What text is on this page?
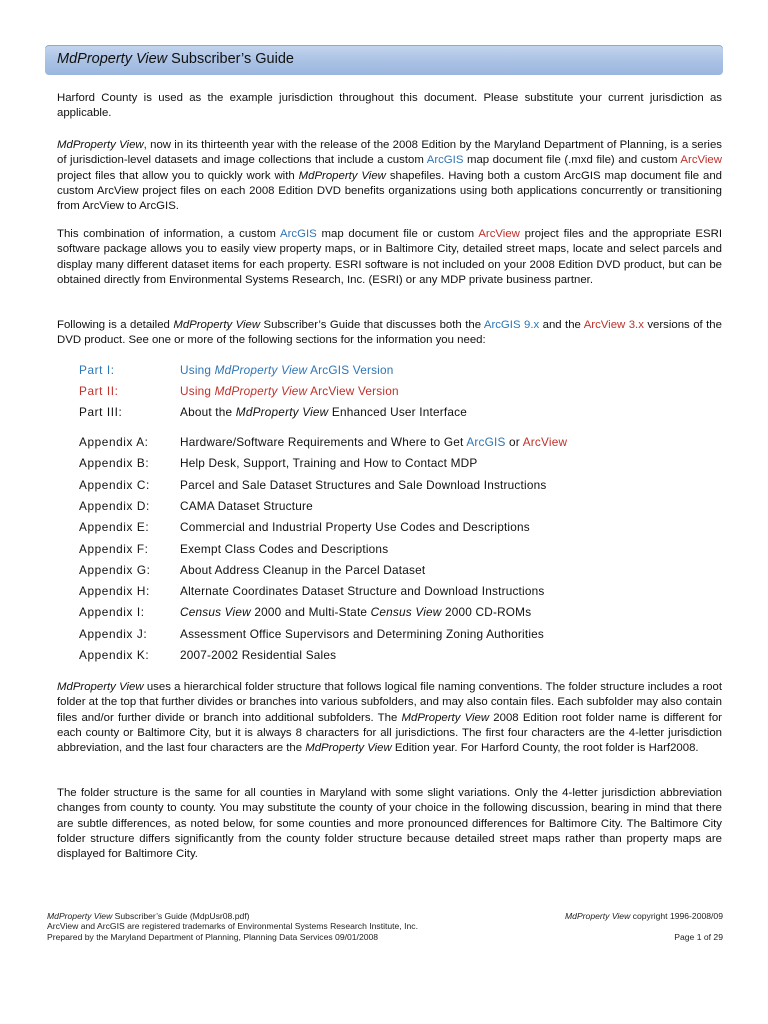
MdProperty View Subscriber’s Guide

Harford County is used as the example jurisdiction throughout this document. Please substitute your current jurisdiction as applicable.

MdProperty View, now in its thirteenth year with the release of the 2008 Edition by the Maryland Department of Planning, is a series of jurisdiction-level datasets and image collections that include a custom ArcGIS map document file (.mxd file) and custom ArcView project files that allow you to quickly work with MdProperty View shapefiles. Having both a custom ArcGIS map document file and custom ArcView project files on each 2008 Edition DVD benefits organizations using both applications concurrently or transitioning from ArcView to ArcGIS.

This combination of information, a custom ArcGIS map document file or custom ArcView project files and the appropriate ESRI software package allows you to easily view property maps, or in Baltimore City, detailed street maps, locate and select parcels and display many different dataset items for each property. ESRI software is not included on your 2008 Edition DVD product, but can be obtained directly from Environmental Systems Research, Inc. (ESRI) or any MDP private business partner.

Following is a detailed MdProperty View Subscriber’s Guide that discusses both the ArcGIS 9.x and the ArcView 3.x versions of the DVD product. See one or more of the following sections for the information you need:

Part I:	Using MdProperty View ArcGIS Version
Part II:	Using MdProperty View ArcView Version
Part III:	About the MdProperty View Enhanced User Interface
Appendix A:	Hardware/Software Requirements and Where to Get ArcGIS or ArcView
Appendix B:	Help Desk, Support, Training and How to Contact MDP
Appendix C:	Parcel and Sale Dataset Structures and Sale Download Instructions
Appendix D:	CAMA Dataset Structure
Appendix E:	Commercial and Industrial Property Use Codes and Descriptions
Appendix F:	Exempt Class Codes and Descriptions
Appendix G: About Address Cleanup in the Parcel Dataset
Appendix H:	Alternate Coordinates Dataset Structure and Download Instructions
Appendix I:	Census View 2000 and Multi-State Census View 2000 CD-ROMs
Appendix J:	Assessment Office Supervisors and Determining Zoning Authorities
Appendix K:	2007-2002 Residential Sales

MdProperty View uses a hierarchical folder structure that follows logical file naming conventions. The folder structure includes a root folder at the top that further divides or branches into various subfolders, and may also contain files. Each subfolder may also contain files and/or further divide or branch into additional subfolders. The MdProperty View 2008 Edition root folder name is different for each county or Baltimore City, but it is always 8 characters for all jurisdictions. The first four characters are the 4-letter jurisdiction abbreviation, and the last four characters are the MdProperty View Edition year. For Harford County, the root folder is Harf2008.

The folder structure is the same for all counties in Maryland with some slight variations. Only the 4-letter jurisdiction abbreviation changes from county to county. You may substitute the county of your choice in the following discussion, bearing in mind that there are subtle differences, as noted below, for some counties and more pronounced differences for Baltimore City. The Baltimore City folder structure differs significantly from the county folder structure because detailed street maps rather than property maps are displayed for Baltimore City.

MdProperty View Subscriber’s Guide (MdpUsr08.pdf)	MdProperty View copyright 1996-2008/09
ArcView and ArcGIS are registered trademarks of Environmental Systems Research Institute, Inc.
Prepared by the Maryland Department of Planning, Planning Data Services 09/01/2008	Page 1 of 29
